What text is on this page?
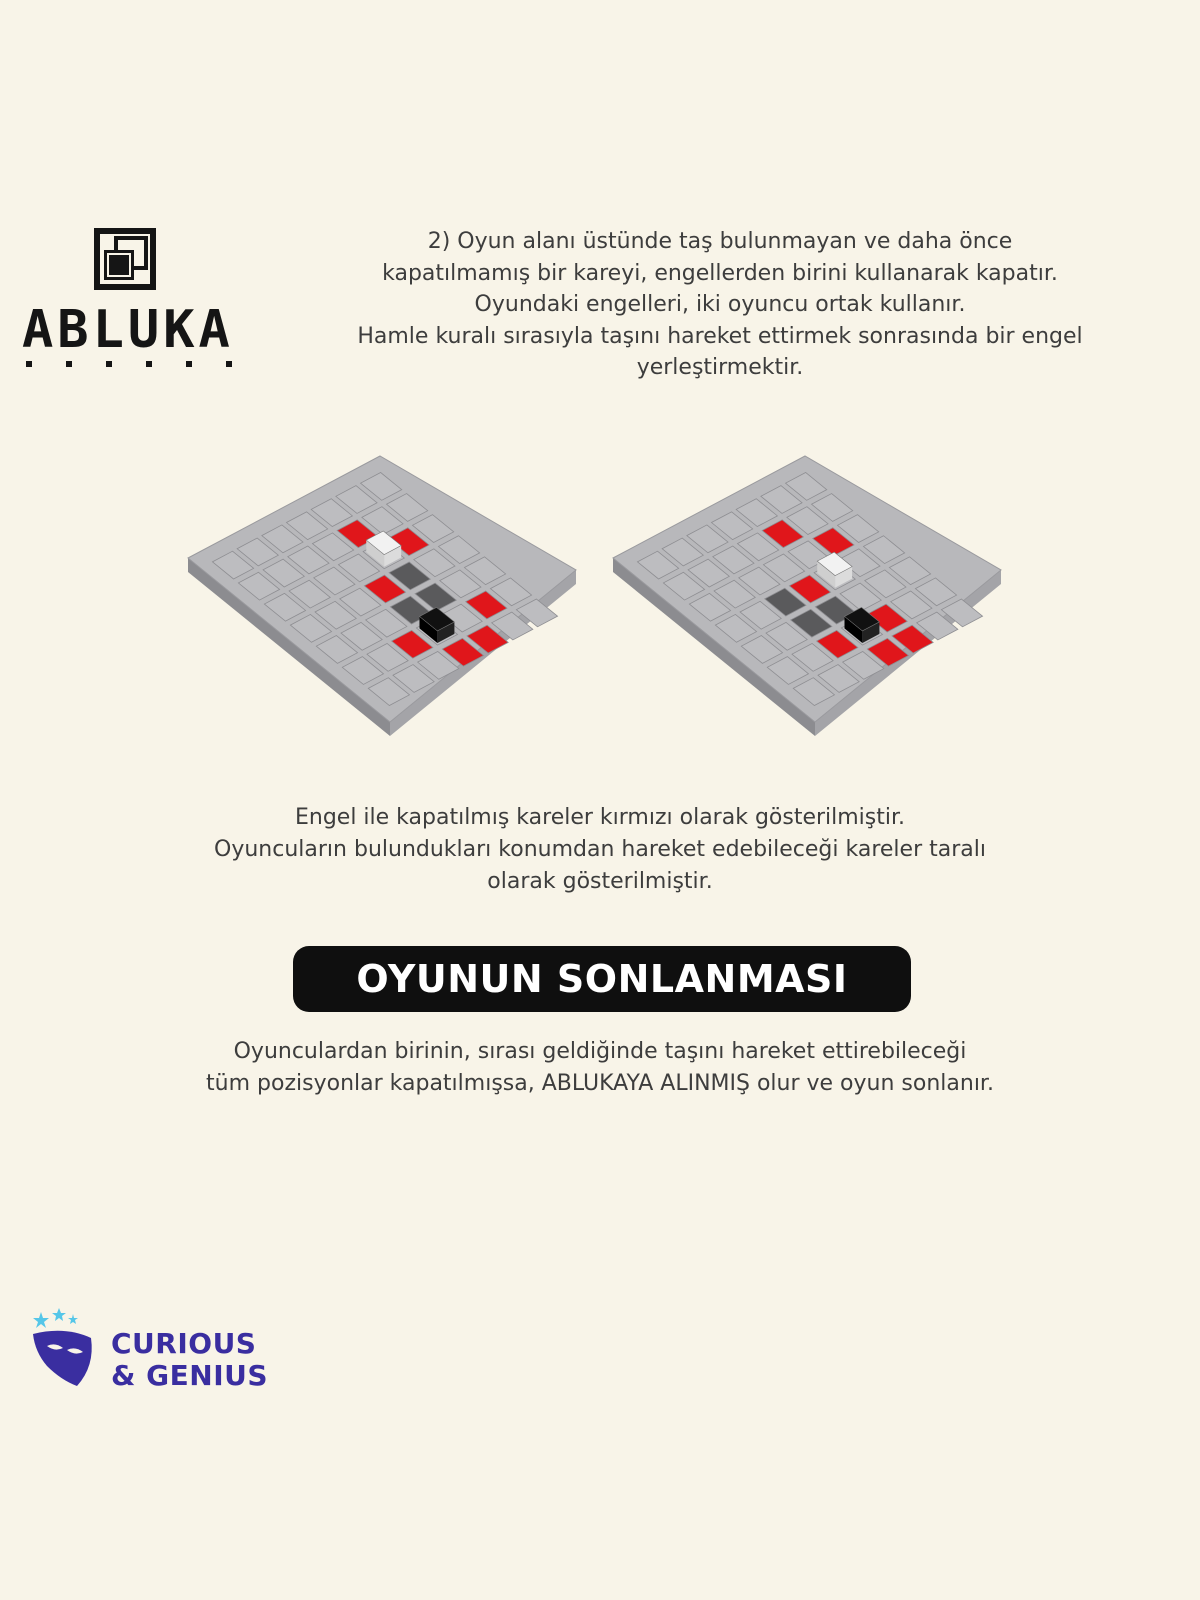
ABLUKA

2) Oyun alanı üstünde taş bulunmayan ve daha önce

kapatılmamış bir kareyi, engellerden birini kullanarak kapatır.

Oyundaki engelleri, iki oyuncu ortak kullanır.

Hamle kuralı sırasıyla taşını hareket ettirmek sonrasında bir engel

yerleştirmektir.

Engel ile kapatılmış kareler kırmızı olarak gösterilmiştir.

Oyuncuların bulundukları konumdan hareket edebileceği kareler taralı

olarak gösterilmiştir.

OYUNUN SONLANMASI

Oyunculardan birinin, sırası geldiğinde taşını hareket ettirebileceği

tüm pozisyonlar kapatılmışsa, ABLUKAYA ALINMIŞ olur ve oyun sonlanır.

CURIOUS
& GENIUS
